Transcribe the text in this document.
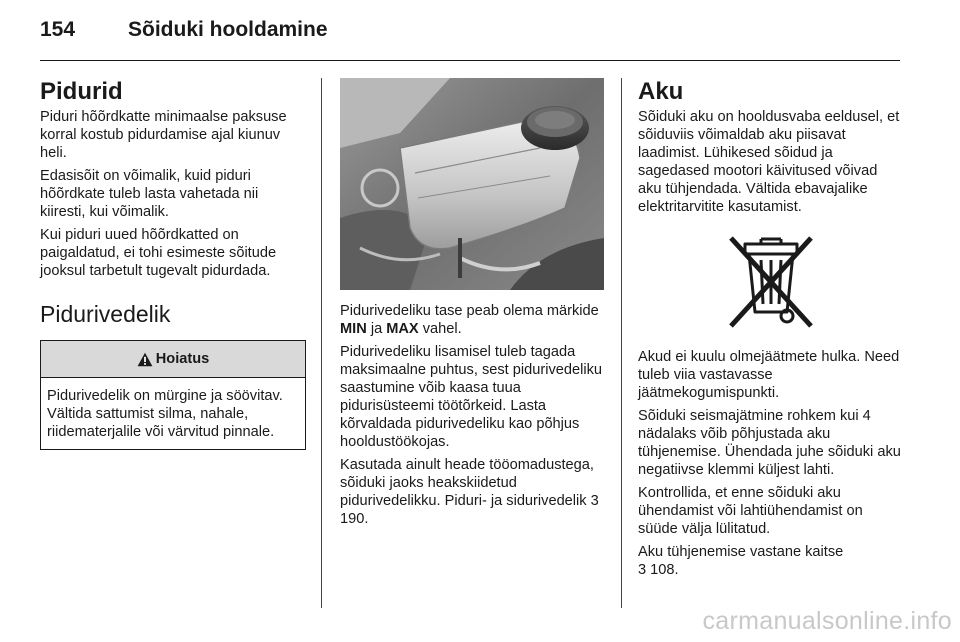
154	Sõiduki hooldamine
Pidurid

Piduri hõõrdkatte minimaalse paksuse korral kostub pidurdamise ajal kiunuv heli.

Edasisõit on võimalik, kuid piduri hõõrdkate tuleb lasta vahetada nii kiiresti, kui võimalik.

Kui piduri uued hõõrdkatted on paigaldatud, ei tohi esimeste sõitude jooksul tarbetult tugevalt pidurdada.

Pidurivedelik
Hoiatus

Pidurivedelik on mürgine ja söövitav. Vältida sattumist silma, nahale, riidematerjalile või värvitud pinnale.

Pidurivedeliku tase peab olema märkide MIN ja MAX vahel.

Pidurivedeliku lisamisel tuleb tagada maksimaalne puhtus, sest pidurivedeliku saastumine võib kaasa tuua pidurisüsteemi töötõrkeid. Lasta kõrvaldada pidurivedeliku kao põhjus hooldustöökojas.

Kasutada ainult heade tööomadustega, sõiduki jaoks heakskiidetud pidurivedelikku. Piduri- ja sidurivedelik 3 190.

Aku

Sõiduki aku on hooldusvaba eeldusel, et sõiduviis võimaldab aku piisavat laadimist. Lühikesed sõidud ja sagedased mootori käivitused võivad aku tühjendada. Vältida ebavajalike elektritarvitite kasutamist.

Akud ei kuulu olmejäätmete hulka. Need tuleb viia vastavasse jäätmekogumispunkti.

Sõiduki seismajätmine rohkem kui 4 nädalaks võib põhjustada aku tühjenemise. Ühendada juhe sõiduki aku negatiivse klemmi küljest lahti.

Kontrollida, et enne sõiduki aku ühendamist või lahtiühendamist on süüde välja lülitatud.

Aku tühjenemise vastane kaitse
3 108.

carmanualsonline.info
